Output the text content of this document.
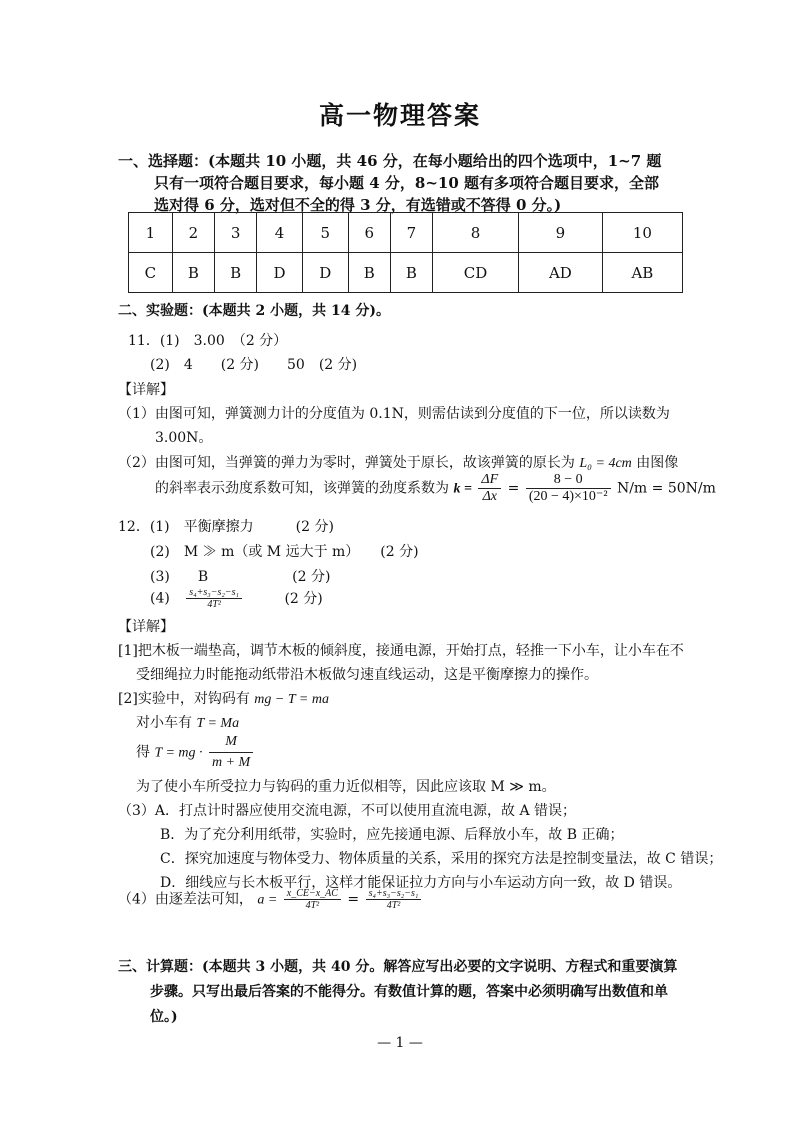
高一物理答案
一、选择题：(本题共 10 小题，共 46 分，在每小题给出的四个选项中，1~7 题
只有一项符合题目要求，每小题 4 分，8~10 题有多项符合题目要求，全部
选对得 6 分，选对但不全的得 3 分，有选错或不答得 0 分。)
1	2	3	4	5	6	7	8	9	10
C	B	B	D	D	B	B	CD	AD	AB
二、实验题：(本题共 2 小题，共 14 分)。
11．(1)　3.00　（2 分）
(2)　4　　(2 分)　　50　(2 分)
【详解】
（1）由图可知，弹簧测力计的分度值为 0.1N，则需估读到分度值的下一位，所以读数为
3.00N。
（2）由图可知，当弹簧的弹力为零时，弹簧处于原长，故该弹簧的原长为 L₀ = 4cm 由图像
的斜率表示劲度系数可知，该弹簧的劲度系数为 $k = \frac{\Delta F}{\Delta x} = \frac{8 - 0}{\text{(20 − 4)×10⁻²}} N/m = 50N/m$
12．(1)　平衡摩擦力　　　(2 分)
(2)　M ≫ m（或 M 远大于 m）　　(2 分)
(3)　　B　　　　　　(2 分)
$(4) \frac{\text{s₄+s₃−s₂−s₁}}{\text{4T²}}$	(2 分)
【详解】
[1]把木板一端垫高，调节木板的倾斜度，接通电源，开始打点，轻推一下小车，让小车在不
受细绳拉力时能拖动纸带沿木板做匀速直线运动，这是平衡摩擦力的操作。
[2]实验中，对钩码有 mg − T = ma
对小车有 T = Ma
得 T = mg · $\frac{M}{m + M}$
为了使小车所受拉力与钩码的重力近似相等，因此应该取 M ≫ m。
（3）A．打点计时器应使用交流电源，不可以使用直流电源，故 A 错误；
B．为了充分利用纸带，实验时，应先接通电源、后释放小车，故 B 正确；
C．探究加速度与物体受力、物体质量的关系，采用的探究方法是控制变量法，故 C 错误；
D．细线应与长木板平行，这样才能保证拉力方向与小车运动方向一致，故 D 错误。
（4）由逐差法可知， $a = \frac{x\_CE-x\_AC}{\text{4T²}} = \frac{\text{s₄+s₃−s₂−s₁}}{\text{4T²}}$
三、计算题：(本题共 3 小题，共 40 分。解答应写出必要的文字说明、方程式和重要演算
步骤。只写出最后答案的不能得分。有数值计算的题，答案中必须明确写出数值和单
位。)
— 1 —
